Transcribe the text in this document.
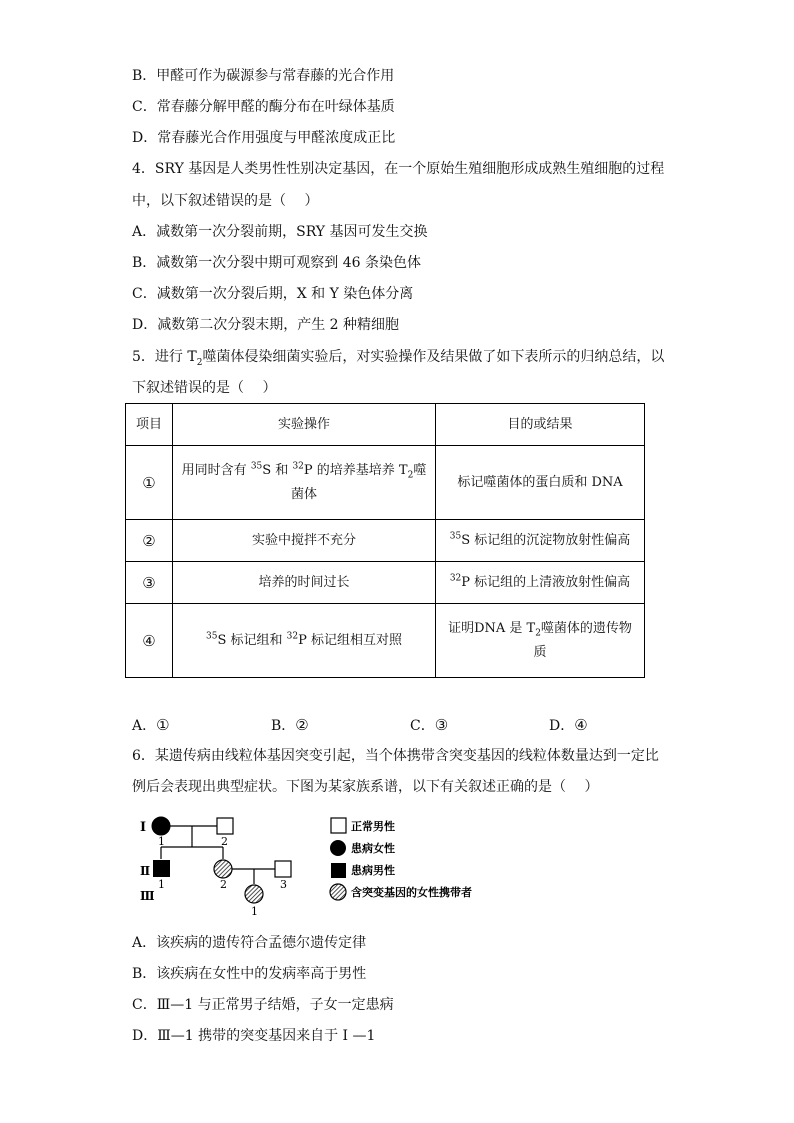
B．甲醛可作为碳源参与常春藤的光合作用
C．常春藤分解甲醛的酶分布在叶绿体基质
D．常春藤光合作用强度与甲醛浓度成正比
4．SRY 基因是人类男性性别决定基因，在一个原始生殖细胞形成成熟生殖细胞的过程
中，以下叙述错误的是（　 ）
A．减数第一次分裂前期，SRY 基因可发生交换
B．减数第一次分裂中期可观察到 46 条染色体
C．减数第一次分裂后期，X 和 Y 染色体分离
D．减数第二次分裂末期，产生 2 种精细胞
5．进行 $T_2$噬菌体侵染细菌实验后，对实验操作及结果做了如下表所示的归纳总结，以
下叙述错误的是（　 ）
项目	实验操作	目的或结果
①	用同时含有 $^{35}$S 和 $^{32}$P 的培养基培养 $T_2$噬
菌体	标记噬菌体的蛋白质和 DNA
②	实验中搅拌不充分	$^{35}$S 标记组的沉淀物放射性偏高
③	培养的时间过长	$^{32}$P 标记组的上清液放射性偏高
④	$^{35}$S 标记组和 $^{32}$P 标记组相互对照	证明DNA 是 $T_2$噬菌体的遗传物
质
A．①	B．②	C．③	D．④
6．某遗传病由线粒体基因突变引起，当个体携带含突变基因的线粒体数量达到一定比
例后会表现出典型症状。下图为某家族系谱，以下有关叙述正确的是（　 ）
Ⅰ
Ⅱ
Ⅲ
1	2
1	2	3
1
正常男性
患病女性
患病男性
含突变基因的女性携带者
A．该疾病的遗传符合孟德尔遗传定律
B．该疾病在女性中的发病率高于男性
C．Ⅲ—1 与正常男子结婚，子女一定患病
D．Ⅲ—1 携带的突变基因来自于 I —1
